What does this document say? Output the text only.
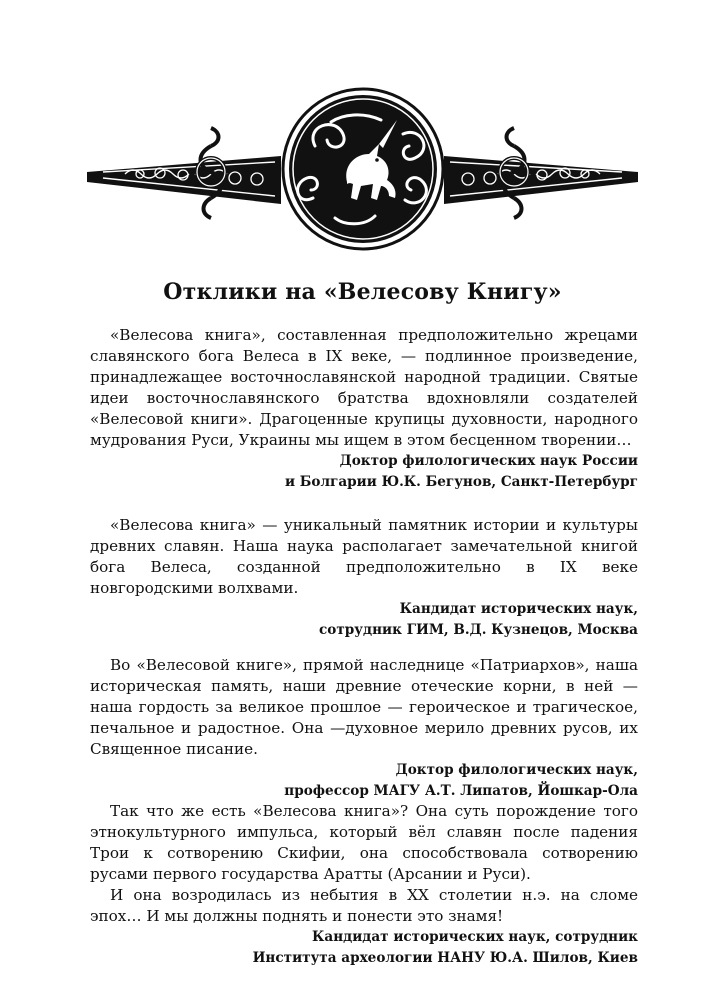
Отклики на «Велесову Книгу»

«Велесова книга», составленная предположительно жрецами славянского бога Велеса в IX веке, — подлинное произведение, принадлежащее восточнославянской народной традиции. Святые идеи восточнославянского братства вдохновляли создателей «Велесовой книги». Драгоценные крупицы духовности, народного мудрования Руси, Украины мы ищем в этом бесценном творении…

Доктор филологических наук России
и Болгарии Ю.К. Бегунов, Санкт-Петербург

«Велесова книга» — уникальный памятник истории и культуры древних славян. Наша наука располагает замечательной книгой бога Велеса, созданной предположительно в IX веке новгородскими волхвами.

Кандидат исторических наук,
сотрудник ГИМ, В.Д. Кузнецов, Москва

Во «Велесовой книге», прямой наследнице «Патриархов», наша историческая память, наши древние отеческие корни, в ней — наша гордость за великое прошлое — героическое и трагическое, печальное и радостное. Она —духовное мерило древних русов, их Священное писание.

Доктор филологических наук,
профессор МАГУ А.Т. Липатов, Йошкар-Ола

Так что же есть «Велесова книга»? Она суть порождение того этнокультурного импульса, который вёл славян после падения Трои к сотворению Скифии, она способствовала сотворению русами первого государства Аратты (Арсании и Руси).

И она возродилась из небытия в XX столетии н.э. на сломе эпох… И мы должны поднять и понести это знамя!

Кандидат исторических наук, сотрудник
Института археологии НАНУ Ю.А. Шилов, Киев
